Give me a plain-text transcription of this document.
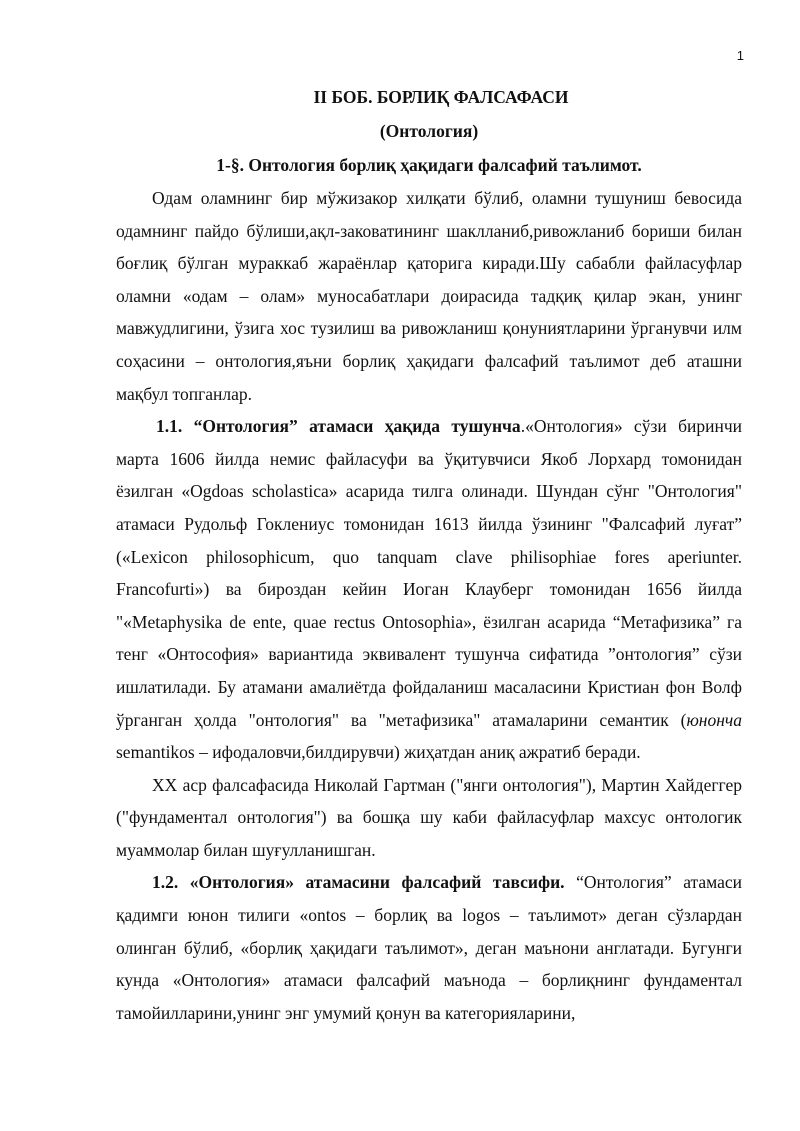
1
II БОБ. БОРЛИҚ ФАЛСАФАСИ
(Онтология)
1-§. Онтология борлиқ ҳақидаги фалсафий таълимот.

Одам оламнинг бир мўжизакор хилқати бўлиб, оламни тушуниш бевосида одамнинг пайдо бўлиши,ақл-заковатининг шаклланиб,ривожланиб бориши билан боғлиқ бўлган мураккаб жараёнлар қаторига киради.Шу сабабли файласуфлар оламни «одам – олам» муносабатлари доирасида тадқиқ қилар экан, унинг мавжудлигини, ўзига хос тузилиш ва ривожланиш қонуниятларини ўрганувчи илм соҳасини – онтология,яъни борлиқ ҳақидаги фалсафий таълимот деб аташни мақбул топганлар.

1.1. “Онтология” атамаси ҳақида тушунча.«Онтология» сўзи биринчи марта 1606 йилда немис файласуфи ва ўқитувчиси Якоб Лорхард томонидан ёзилган «Ogdoas scholastica» асарида тилга олинади. Шундан сўнг "Онтология" атамаси Рудольф Гоклениус томонидан 1613 йилда ўзининг "Фалсафий луғат” («Lexicon philosophicum, quo tanquam clave philisophiae fores aperiunter. Francofurti») ва бироздан кейин Иоган Клауберг томонидан 1656 йилда "«Metaphysika de ente, quae rectus Ontosophia», ёзилган асарида “Метафизика” га тенг «Онтософия» вариантида эквивалент тушунча сифатида ”онтология” сўзи ишлатилади. Бу атамани амалиётда фойдаланиш масаласини Кристиан фон Волф ўрганган ҳолда "онтология" ва "метафизика" атамаларини семантик (юнонча semantikos – ифодаловчи,билдирувчи) жиҳатдан аниқ ажратиб беради.

XX аср фалсафасида Николай Гартман ("янги онтология"), Мартин Хайдеггер ("фундаментал онтология") ва бошқа шу каби файласуфлар махсус онтологик муаммолар билан шуғулланишган.

1.2. «Онтология» атамасини фалсафий тавсифи. “Онтология” атамаси қадимги юнон тилиги «ontos – борлиқ ва logos – таълимот» деган сўзлардан олинган бўлиб, «борлиқ ҳақидаги таълимот», деган маънони англатади. Бугунги кунда «Онтология» атамаси фалсафий маънода – борлиқнинг фундаментал тамойилларини,унинг энг умумий қонун ва категорияларини,
